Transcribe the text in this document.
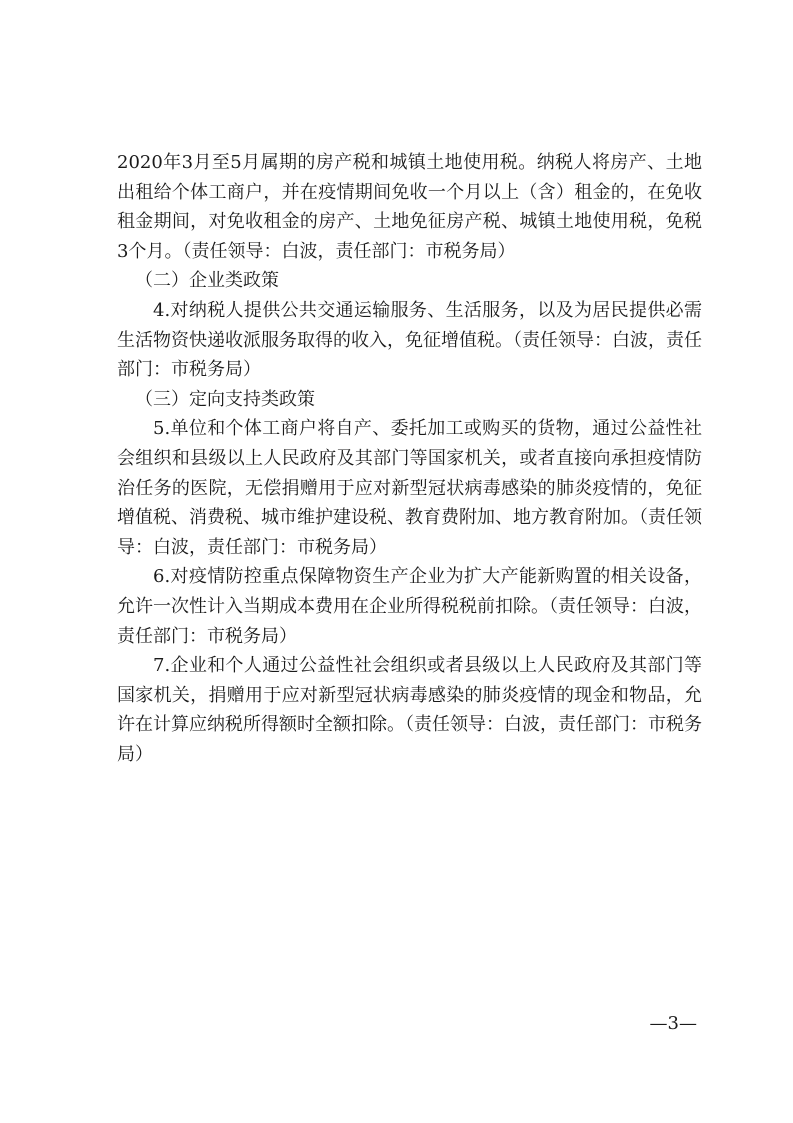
2020年3月至5月属期的房产税和城镇土地使用税。纳税人将房产、土地出租给个体工商户，并在疫情期间免收一个月以上（含）租金的，在免收租金期间，对免收租金的房产、土地免征房产税、城镇土地使用税，免税3个月。（责任领导：白波，责任部门：市税务局）

（二）企业类政策

4.对纳税人提供公共交通运输服务、生活服务，以及为居民提供必需生活物资快递收派服务取得的收入，免征增值税。（责任领导：白波，责任部门：市税务局）

（三）定向支持类政策

5.单位和个体工商户将自产、委托加工或购买的货物，通过公益性社会组织和县级以上人民政府及其部门等国家机关，或者直接向承担疫情防治任务的医院，无偿捐赠用于应对新型冠状病毒感染的肺炎疫情的，免征增值税、消费税、城市维护建设税、教育费附加、地方教育附加。（责任领导：白波，责任部门：市税务局）

6.对疫情防控重点保障物资生产企业为扩大产能新购置的相关设备，允许一次性计入当期成本费用在企业所得税税前扣除。（责任领导：白波，责任部门：市税务局）

7.企业和个人通过公益性社会组织或者县级以上人民政府及其部门等国家机关，捐赠用于应对新型冠状病毒感染的肺炎疫情的现金和物品，允许在计算应纳税所得额时全额扣除。（责任领导：白波，责任部门：市税务局）

—3—
